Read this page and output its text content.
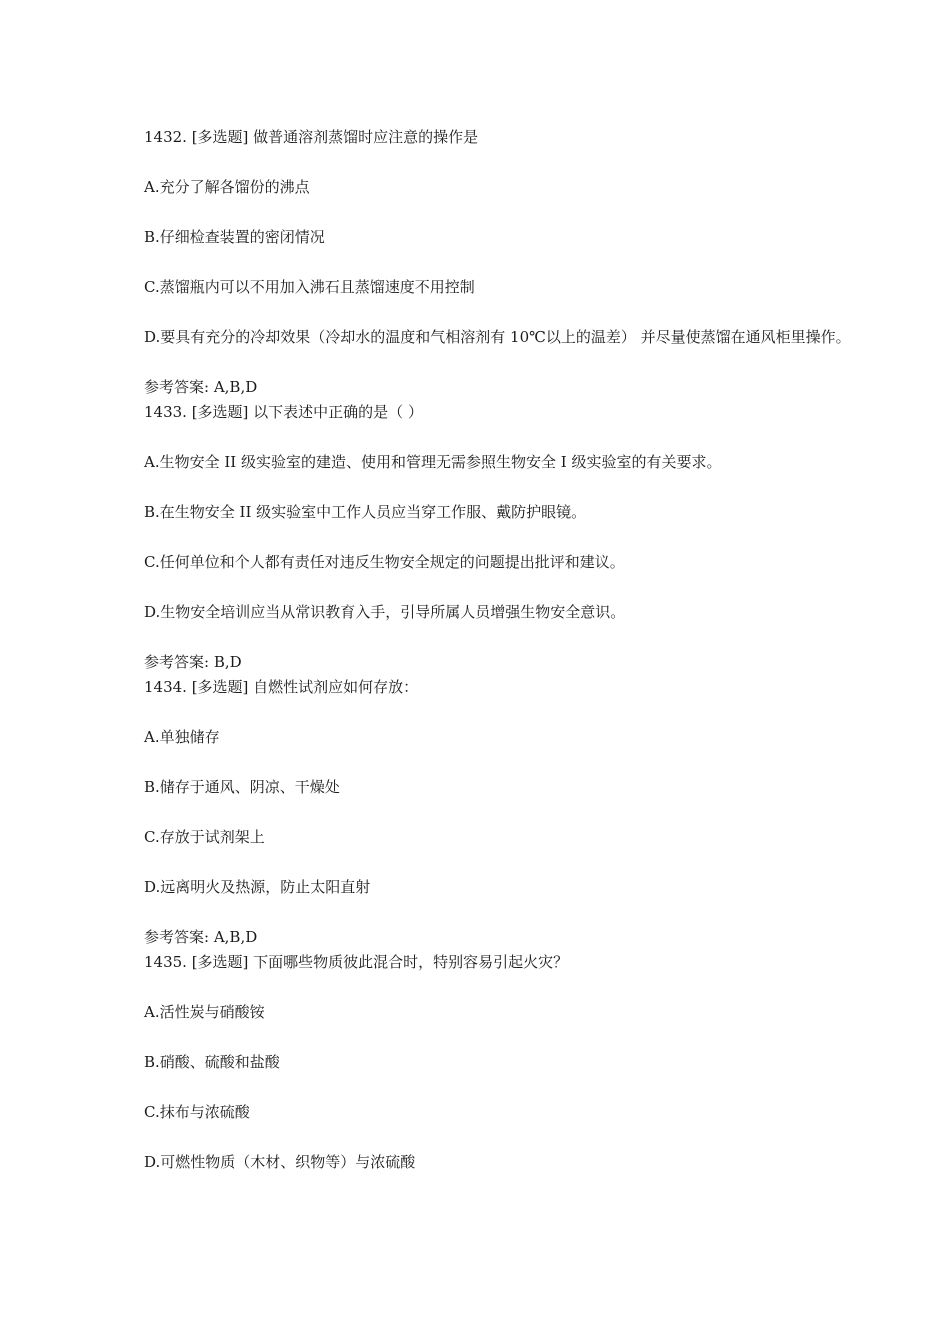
1432. [多选题] 做普通溶剂蒸馏时应注意的操作是

A.充分了解各馏份的沸点

B.仔细检查装置的密闭情况

C.蒸馏瓶内可以不用加入沸石且蒸馏速度不用控制

D.要具有充分的冷却效果（冷却水的温度和气相溶剂有 10℃以上的温差） 并尽量使蒸馏在通风柜里操作。

参考答案: A,B,D

1433. [多选题] 以下表述中正确的是（ ）

A.生物安全 II 级实验室的建造、使用和管理无需参照生物安全 I 级实验室的有关要求。

B.在生物安全 II 级实验室中工作人员应当穿工作服、戴防护眼镜。

C.任何单位和个人都有责任对违反生物安全规定的问题提出批评和建议。

D.生物安全培训应当从常识教育入手，引导所属人员增强生物安全意识。

参考答案: B,D

1434. [多选题] 自燃性试剂应如何存放：

A.单独储存

B.储存于通风、阴凉、干燥处

C.存放于试剂架上

D.远离明火及热源，防止太阳直射

参考答案: A,B,D

1435. [多选题] 下面哪些物质彼此混合时，特别容易引起火灾？

A.活性炭与硝酸铵

B.硝酸、硫酸和盐酸

C.抹布与浓硫酸

D.可燃性物质（木材、织物等）与浓硫酸
